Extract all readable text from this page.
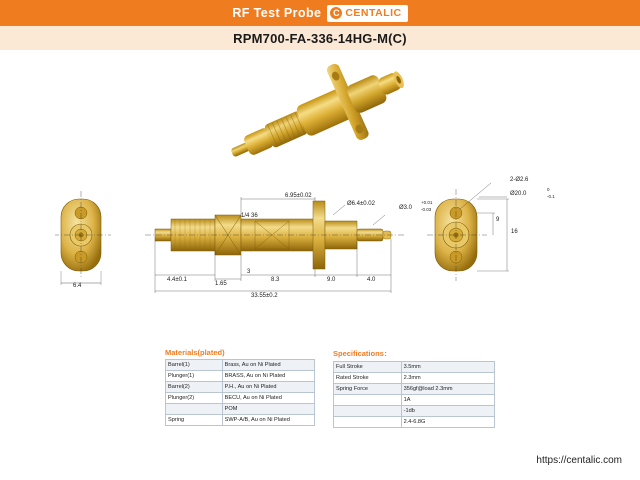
RF Test Probe	C CENTALIC
RPM700-FA-336-14HG-M(C)
1/4 36
6.95±0.02
Ø6.4±0.02
Ø3.0
+0.01
-0.03
2-Ø2.6
Ø20.0
0
-0.1
6.4
9
16
4.4±0.1
1.65
3
8.3	9.0	4.0
33.55±0.2
Materials(plated)
Barrel(1)	Brass, Au on Ni Plated
Plunger(1)	BRASS, Au on Ni Plated
Barrel(2)	P.H., Au on Ni Plated
Plunger(2)	BECU, Au on Ni Plated
	POM
Spring	SWP-A/B, Au on Ni Plated
Specifications：
Full Stroke	3.5mm
Rated Stroke	2.3mm
Spring Force	356gf@load 2.3mm
	1A
	-1db
	2.4-6.8G
https://centalic.com
